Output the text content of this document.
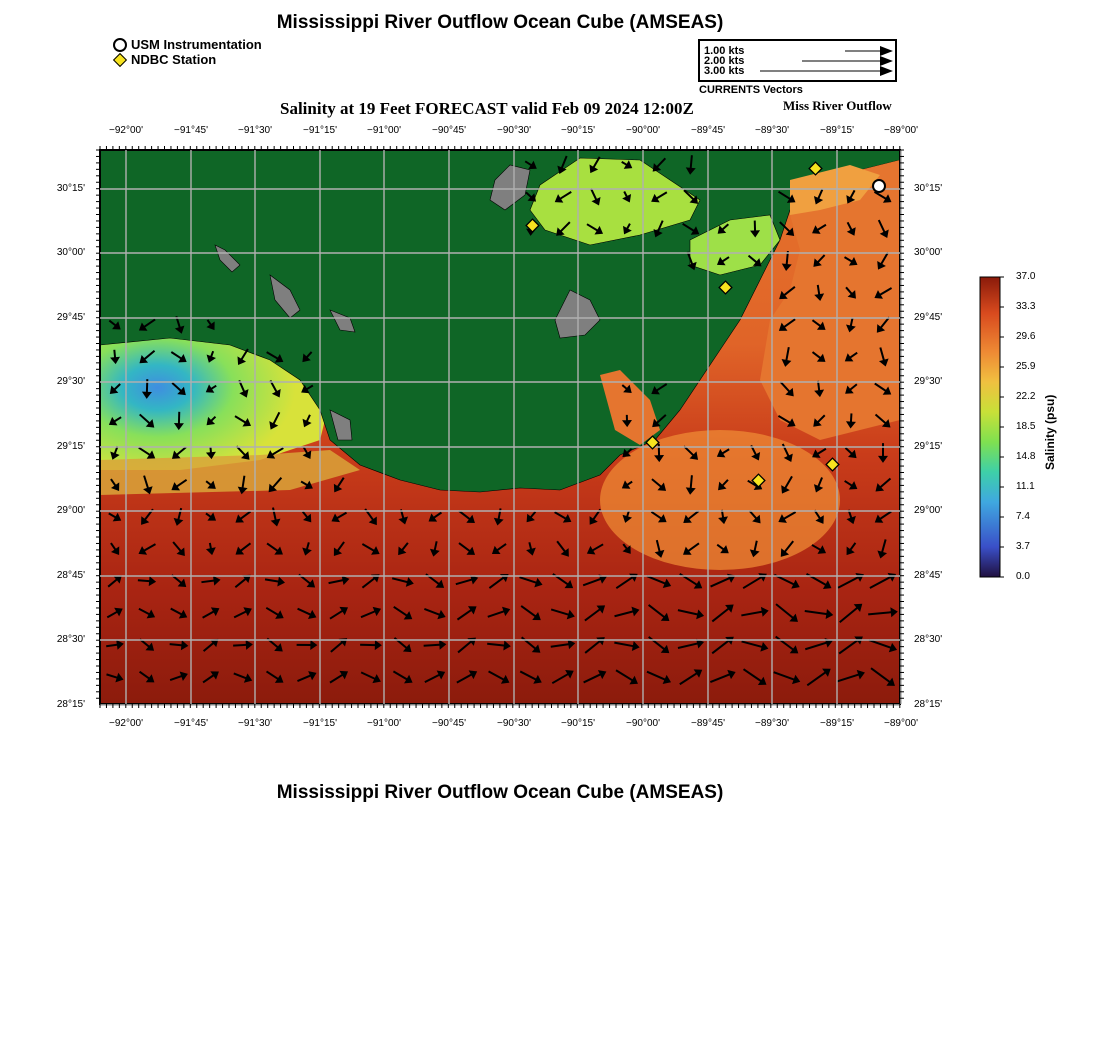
Mississippi River Outflow Ocean Cube (AMSEAS)
USM Instrumentation
NDBC Station
1.00 kts
2.00 kts
3.00 kts
CURRENTS Vectors
Salinity at 19 Feet FORECAST valid Feb 09 2024 12:00Z	Miss River Outflow
−92°00'	−91°45'	−91°30'	−91°15'	−91°00'	−90°45'	−90°30'	−90°15'	−90°00'	−89°45'	−89°30'	−89°15'	−89°00'
−92°00'	−91°45'	−91°30'	−91°15'	−91°00'	−90°45'	−90°30'	−90°15'	−90°00'	−89°45'	−89°30'	−89°15'	−89°00'
30°15'
30°00'
29°45'
29°30'
29°15'
29°00'
28°45'
28°30'
28°15'
30°15'
30°00'
29°45'
29°30'
29°15'
29°00'
28°45'
28°30'
28°15'
37.0
33.3
29.6
25.9
22.2
18.5
14.8
11.1
7.4
3.7
0.0
Salinity (psu)
Mississippi River Outflow Ocean Cube (AMSEAS)
